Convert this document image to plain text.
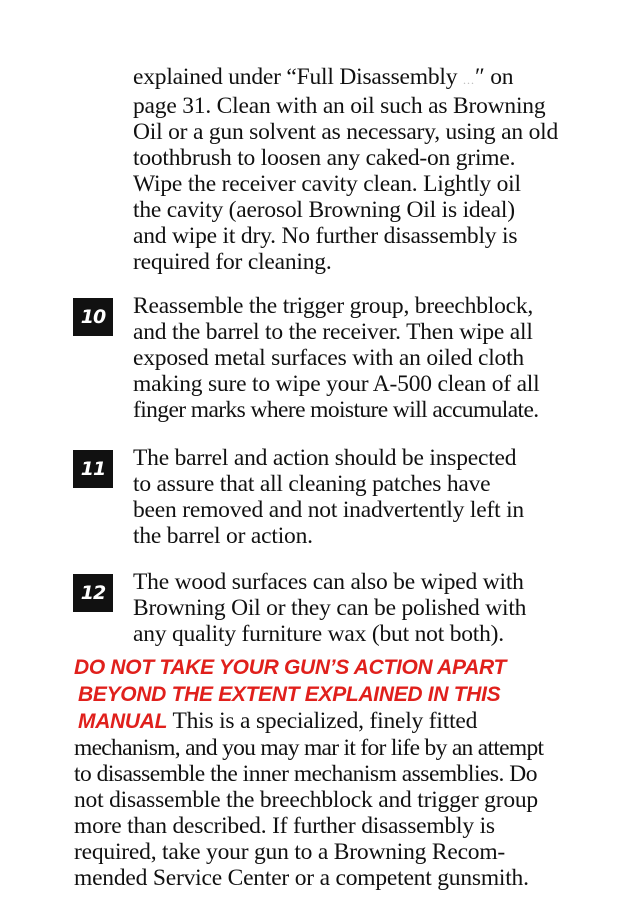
explained under “Full Disassembly ...″ on
page 31. Clean with an oil such as Browning
Oil or a gun solvent as necessary, using an old
toothbrush to loosen any caked-on grime.
Wipe the receiver cavity clean. Lightly oil
the cavity (aerosol Browning Oil is ideal)
and wipe it dry. No further disassembly is
required for cleaning.
10	Reassemble the trigger group, breechblock,
and the barrel to the receiver. Then wipe all
exposed metal surfaces with an oiled cloth
making sure to wipe your A-500 clean of all
finger marks where moisture will accumulate.
11	The barrel and action should be inspected
to assure that all cleaning patches have
been removed and not inadvertently left in
the barrel or action.
12	The wood surfaces can also be wiped with
Browning Oil or they can be polished with
any quality furniture wax (but not both).
DO NOT TAKE YOUR GUN’S ACTION APART
BEYOND THE EXTENT EXPLAINED IN THIS
MANUAL This is a specialized, finely fitted
mechanism, and you may mar it for life by an attempt
to disassemble the inner mechanism assemblies. Do
not disassemble the breechblock and trigger group
more than described. If further disassembly is
required, take your gun to a Browning Recom-
mended Service Center or a competent gunsmith.
